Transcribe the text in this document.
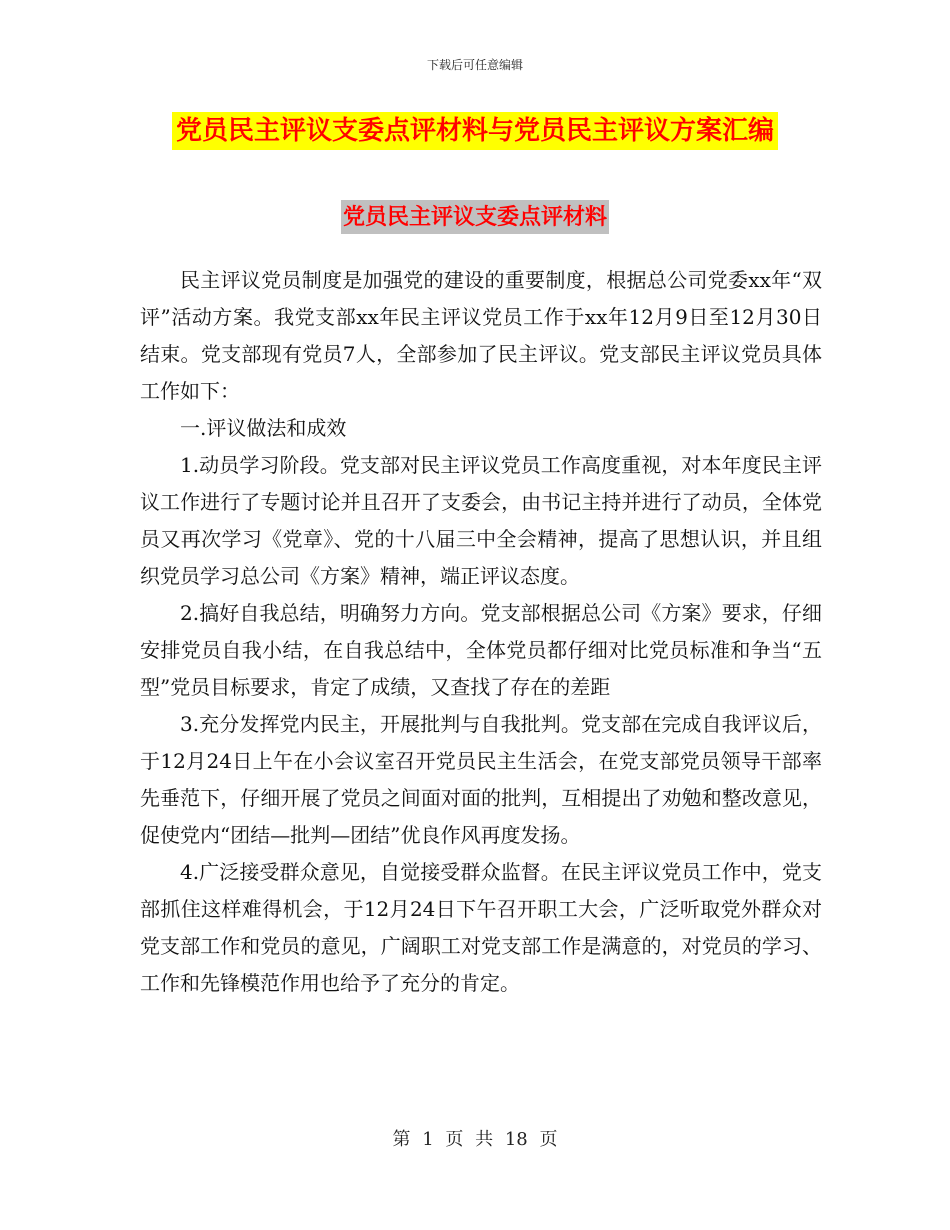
下载后可任意编辑
党员民主评议支委点评材料与党员民主评议方案汇编
党员民主评议支委点评材料

民主评议党员制度是加强党的建设的重要制度，根据总公司党委xx年“双评”活动方案。我党支部xx年民主评议党员工作于xx年12月9日至12月30日结束。党支部现有党员7人，全部参加了民主评议。党支部民主评议党员具体工作如下：

一.评议做法和成效

1.动员学习阶段。党支部对民主评议党员工作高度重视，对本年度民主评议工作进行了专题讨论并且召开了支委会，由书记主持并进行了动员，全体党员又再次学习《党章》、党的十八届三中全会精神，提高了思想认识，并且组织党员学习总公司《方案》精神，端正评议态度。

2.搞好自我总结，明确努力方向。党支部根据总公司《方案》要求，仔细安排党员自我小结，在自我总结中，全体党员都仔细对比党员标准和争当“五型”党员目标要求，肯定了成绩，又查找了存在的差距

3.充分发挥党内民主，开展批判与自我批判。党支部在完成自我评议后，于12月24日上午在小会议室召开党员民主生活会，在党支部党员领导干部率先垂范下，仔细开展了党员之间面对面的批判，互相提出了劝勉和整改意见，促使党内“团结—批判—团结”优良作风再度发扬。

4.广泛接受群众意见，自觉接受群众监督。在民主评议党员工作中，党支部抓住这样难得机会，于12月24日下午召开职工大会，广泛听取党外群众对党支部工作和党员的意见，广阔职工对党支部工作是满意的，对党员的学习、工作和先锋模范作用也给予了充分的肯定。

第 1 页 共 18 页
